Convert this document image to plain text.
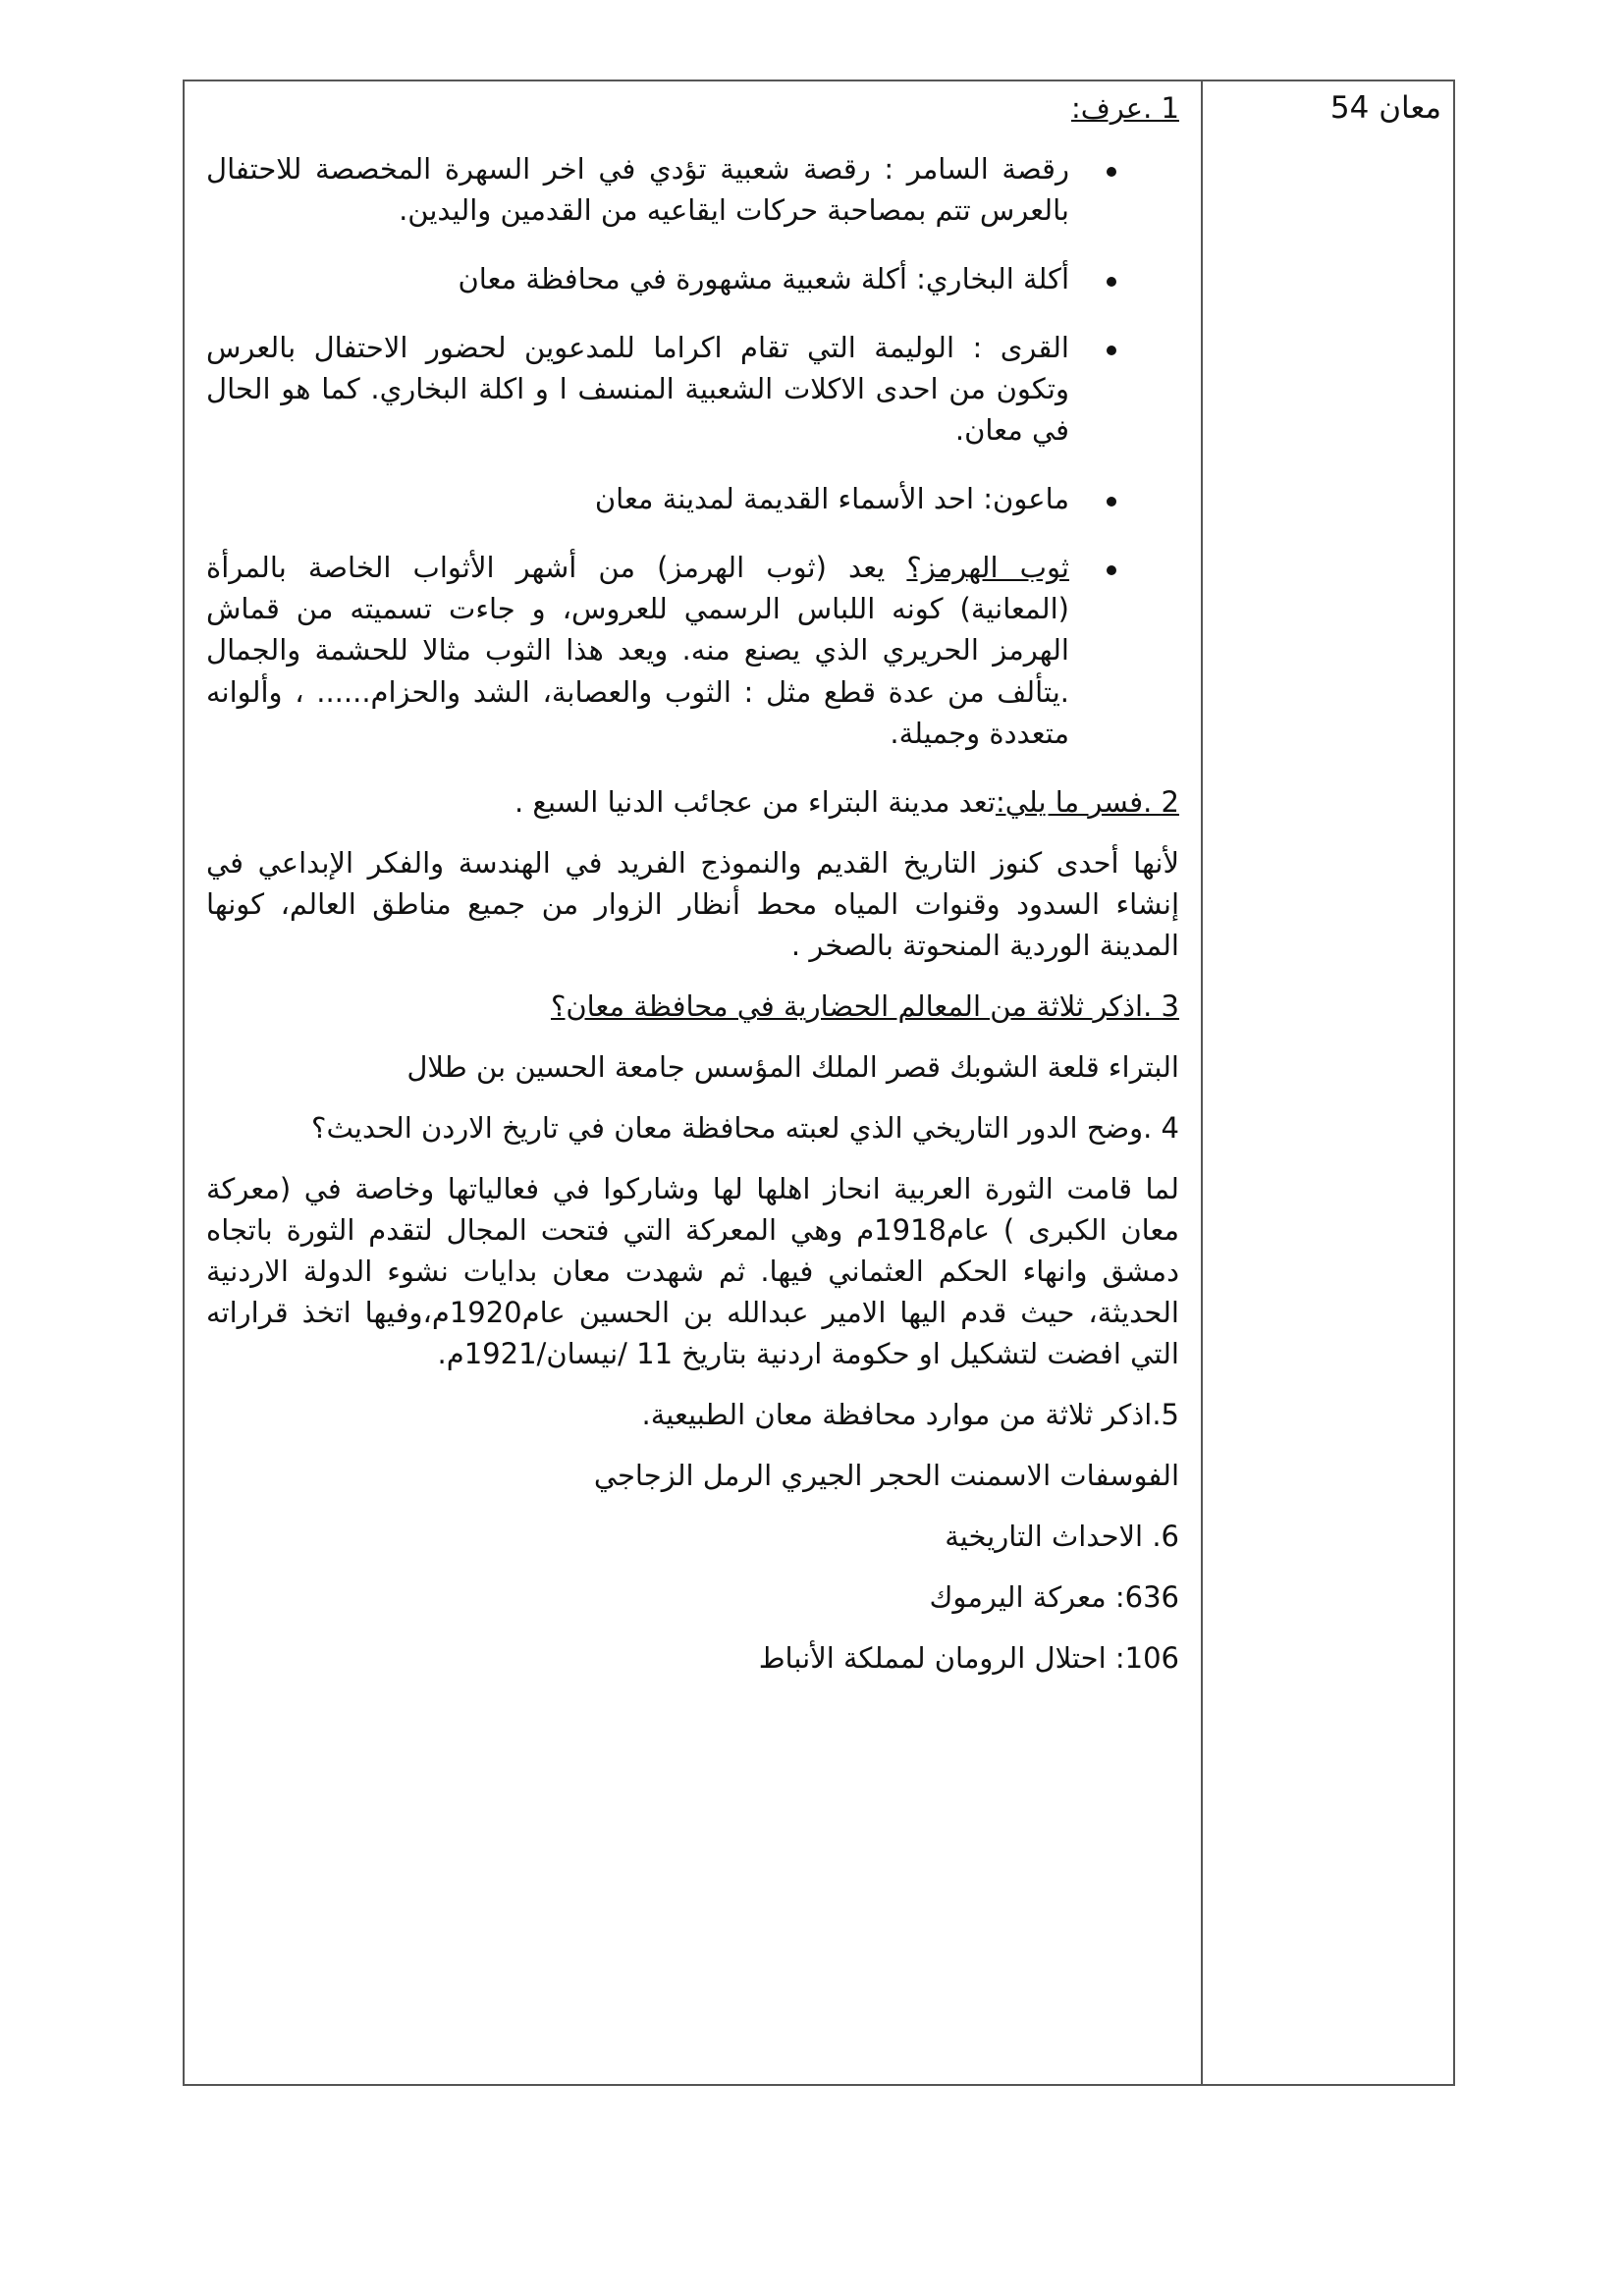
معان 54

1 .عرف:

رقصة السامر : رقصة شعبية تؤدي في اخر السهرة المخصصة للاحتفال بالعرس تتم بمصاحبة حركات ايقاعيه من القدمين واليدين.
أكلة البخاري: أكلة شعبية مشهورة في محافظة معان
القرى : الوليمة التي تقام اكراما للمدعوين لحضور الاحتفال بالعرس وتكون من احدى الاكلات الشعبية المنسف ا و اكلة البخاري. كما هو الحال في معان.
ماعون: احد الأسماء القديمة لمدينة معان
ثوب الهرمز؟ يعد (ثوب الهرمز) من أشهر الأثواب الخاصة بالمرأة (المعانية) كونه اللباس الرسمي للعروس، و جاءت تسميته من قماش الهرمز الحريري الذي يصنع منه. ويعد هذا الثوب مثالا للحشمة والجمال .يتألف من عدة قطع مثل : الثوب والعصابة، الشد والحزام...... ، وألوانه متعددة وجميلة.

2 .فسر ما يلي:تعد مدينة البتراء من عجائب الدنيا السبع .

لأنها أحدى كنوز التاريخ القديم والنموذج الفريد في الهندسة والفكر الإبداعي في إنشاء السدود وقنوات المياه محط أنظار الزوار من جميع مناطق العالم، كونها المدينة الوردية المنحوتة بالصخر .

3 .اذكر ثلاثة من المعالم الحضارية في محافظة معان؟

البتراء قلعة الشوبك قصر الملك المؤسس جامعة الحسين بن طلال

4 .وضح الدور التاريخي الذي لعبته محافظة معان في تاريخ الاردن الحديث؟

لما قامت الثورة العربية انحاز اهلها لها وشاركوا في فعالياتها وخاصة في (معركة معان الكبرى ) عام1918م وهي المعركة التي فتحت المجال لتقدم الثورة باتجاه دمشق وانهاء الحكم العثماني فيها. ثم شهدت معان بدايات نشوء الدولة الاردنية الحديثة، حيث قدم اليها الامير عبدالله بن الحسين عام1920م،وفيها اتخذ قراراته التي افضت لتشكيل او حكومة اردنية بتاريخ 11 /نيسان/1921م.

5.اذكر ثلاثة من موارد محافظة معان الطبيعية.

الفوسفات الاسمنت الحجر الجيري الرمل الزجاجي

6. الاحداث التاريخية

636: معركة اليرموك

106: احتلال الرومان لمملكة الأنباط
